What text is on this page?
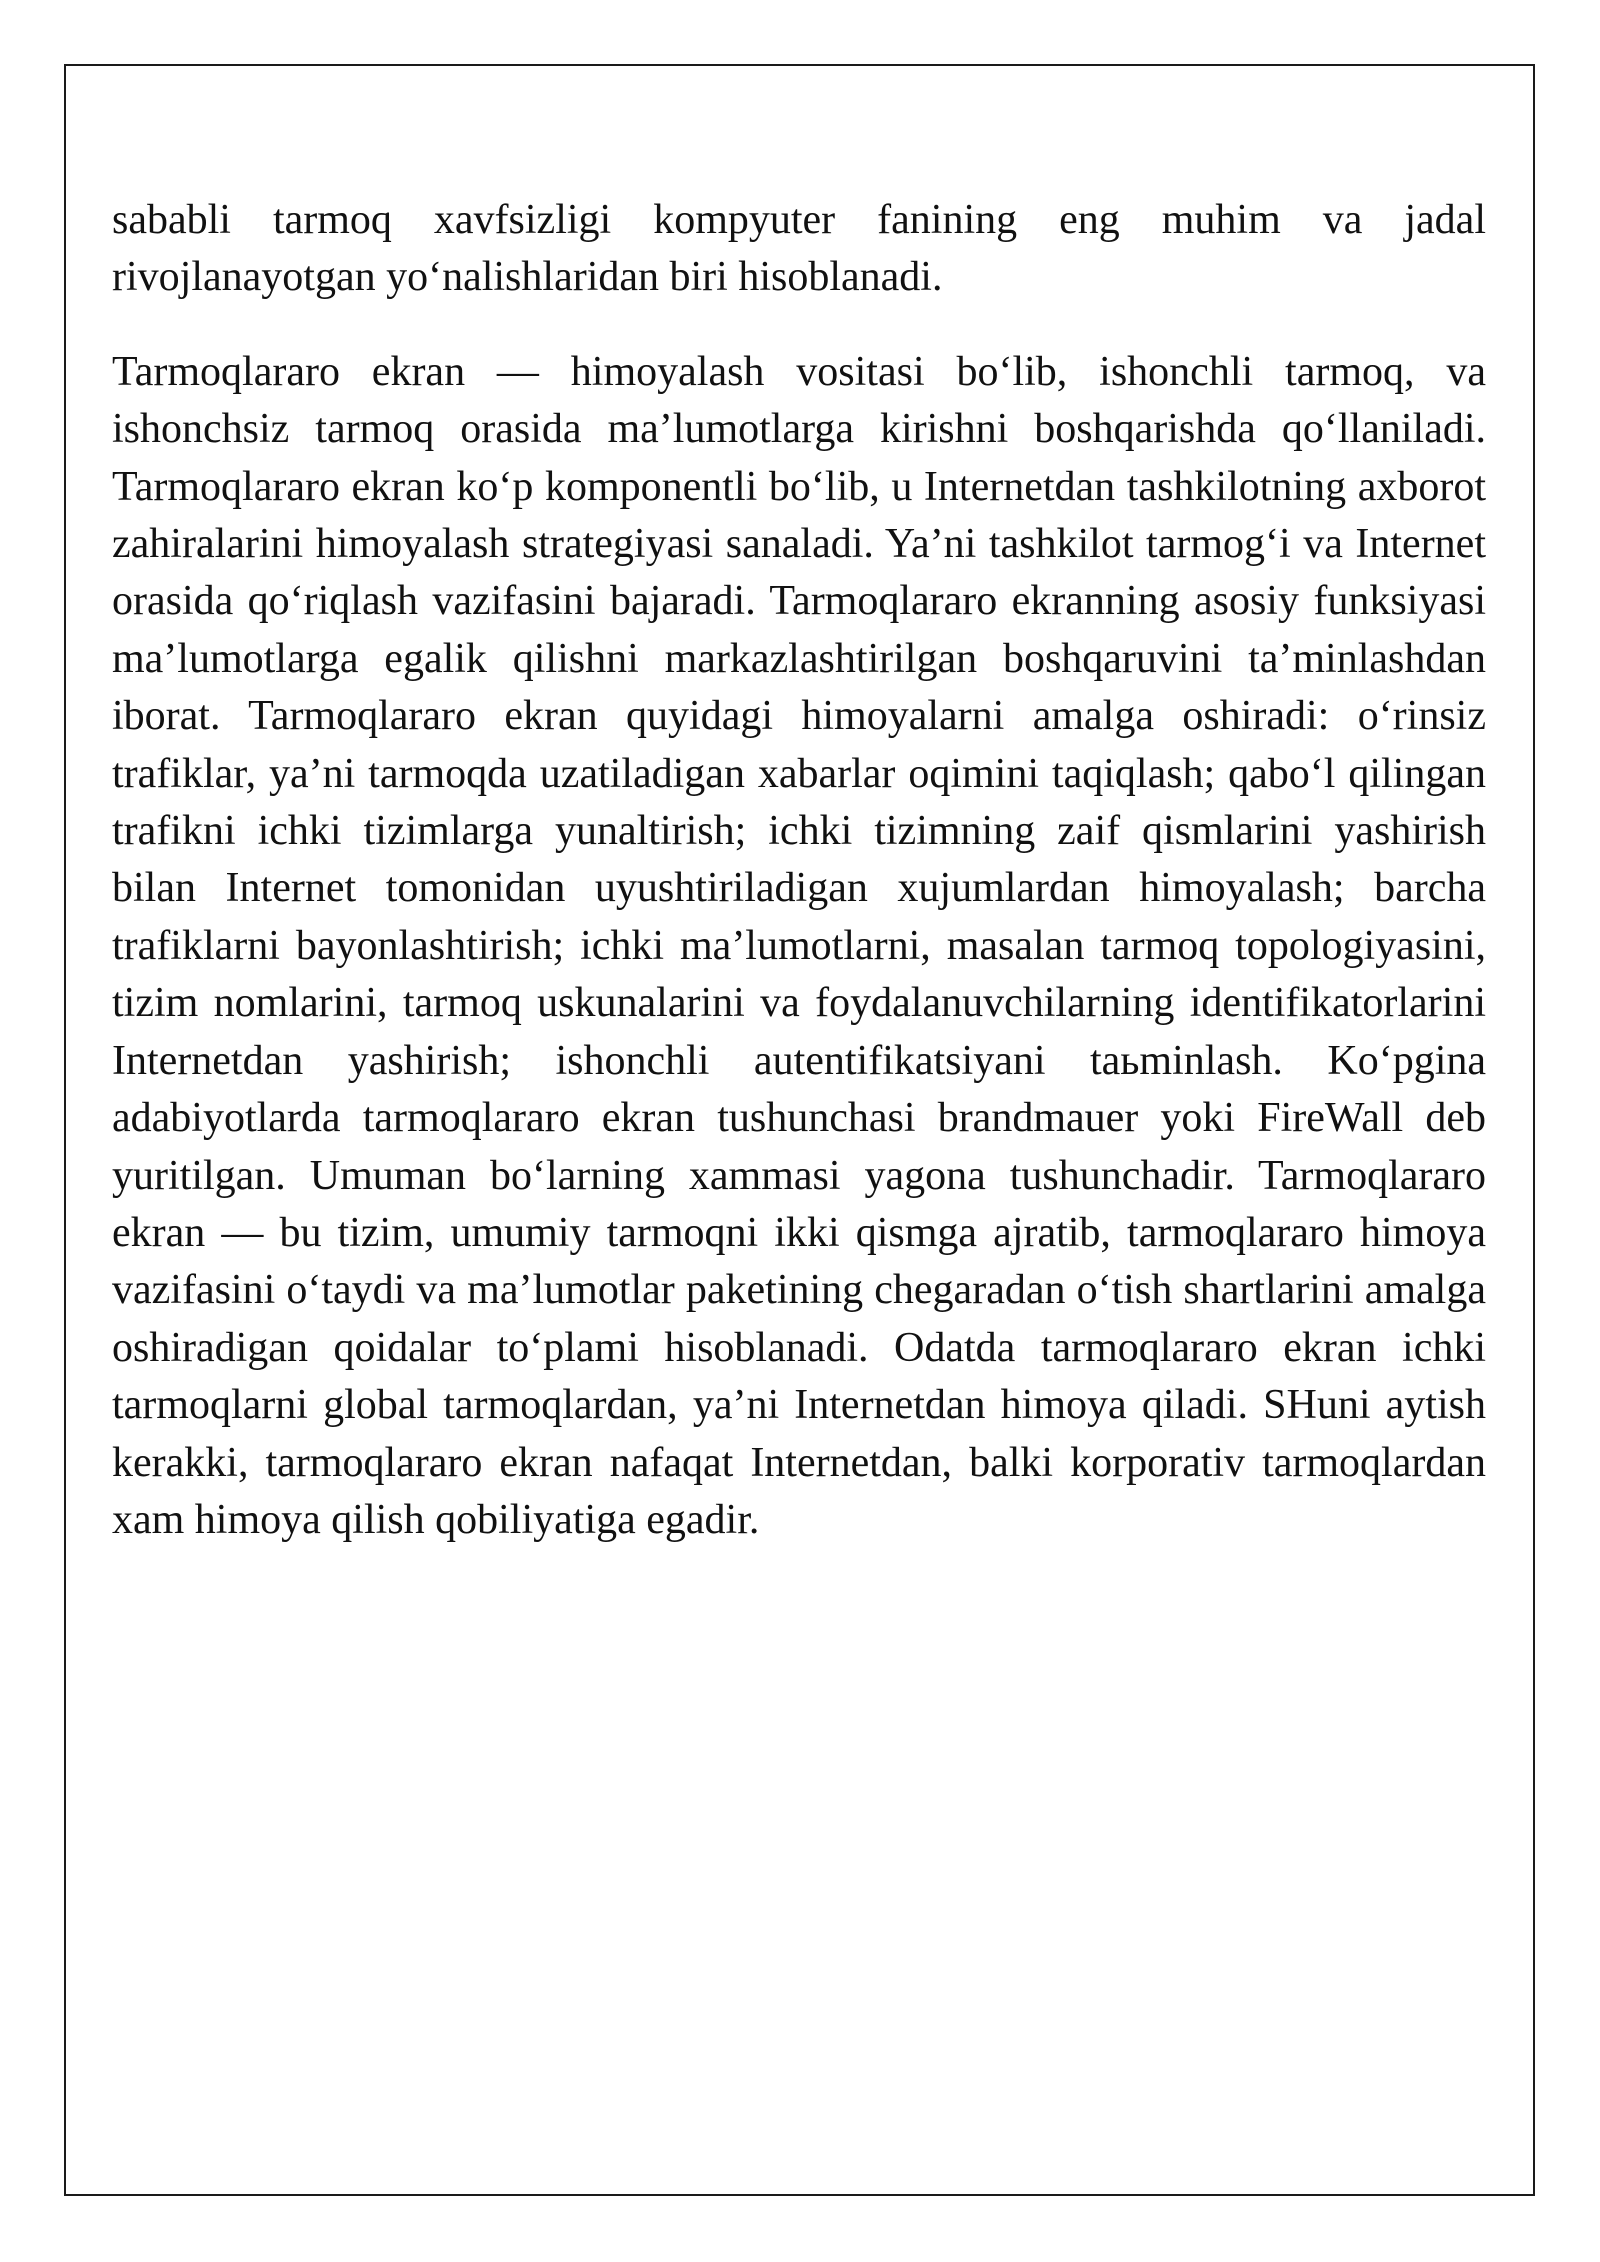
sababli tarmoq xavfsizligi kompyuter fanining eng muhim va jadal rivojlanayotgan yo‘nalishlaridan biri hisoblanadi.

Tarmoqlararo ekran — himoyalash vositasi bo‘lib, ishonchli tarmoq, va ishonchsiz tarmoq orasida ma’lumotlarga kirishni boshqarishda qo‘llaniladi. Tarmoqlararo ekran ko‘p komponentli bo‘lib, u Internetdan tashkilotning axborot zahiralarini himoyalash strategiyasi sanaladi. Ya’ni tashkilot tarmog‘i va Internet orasida qo‘riqlash vazifasini bajaradi. Tarmoqlararo ekranning asosiy funksiyasi ma’lumotlarga egalik qilishni markazlashtirilgan boshqaruvini ta’minlashdan iborat. Tarmoqlararo ekran quyidagi himoyalarni amalga oshiradi: o‘rinsiz trafiklar, ya’ni tarmoqda uzatiladigan xabarlar oqimini taqiqlash; qabo‘l qilingan trafikni ichki tizimlarga yunaltirish; ichki tizimning zaif qismlarini yashirish bilan Internet tomonidan uyushtiriladigan xujumlardan himoyalash; barcha trafiklarni bayonlashtirish; ichki ma’lumotlarni, masalan tarmoq topologiyasini, tizim nomlarini, tarmoq uskunalarini va foydalanuvchilarning identifikatorlarini Internetdan yashirish; ishonchli autentifikatsiyani taьminlash. Ko‘pgina adabiyotlarda tarmoqlararo ekran tushunchasi brandmauer yoki FireWall deb yuritilgan. Umuman bo‘larning xammasi yagona tushunchadir. Tarmoqlararo ekran — bu tizim, umumiy tarmoqni ikki qismga ajratib, tarmoqlararo himoya vazifasini o‘taydi va ma’lumotlar paketining chegaradan o‘tish shartlarini amalga oshiradigan qoidalar to‘plami hisoblanadi. Odatda tarmoqlararo ekran ichki tarmoqlarni global tarmoqlardan, ya’ni Internetdan himoya qiladi. SHuni aytish kerakki, tarmoqlararo ekran nafaqat Internetdan, balki korporativ tarmoqlardan xam himoya qilish qobiliyatiga egadir.
